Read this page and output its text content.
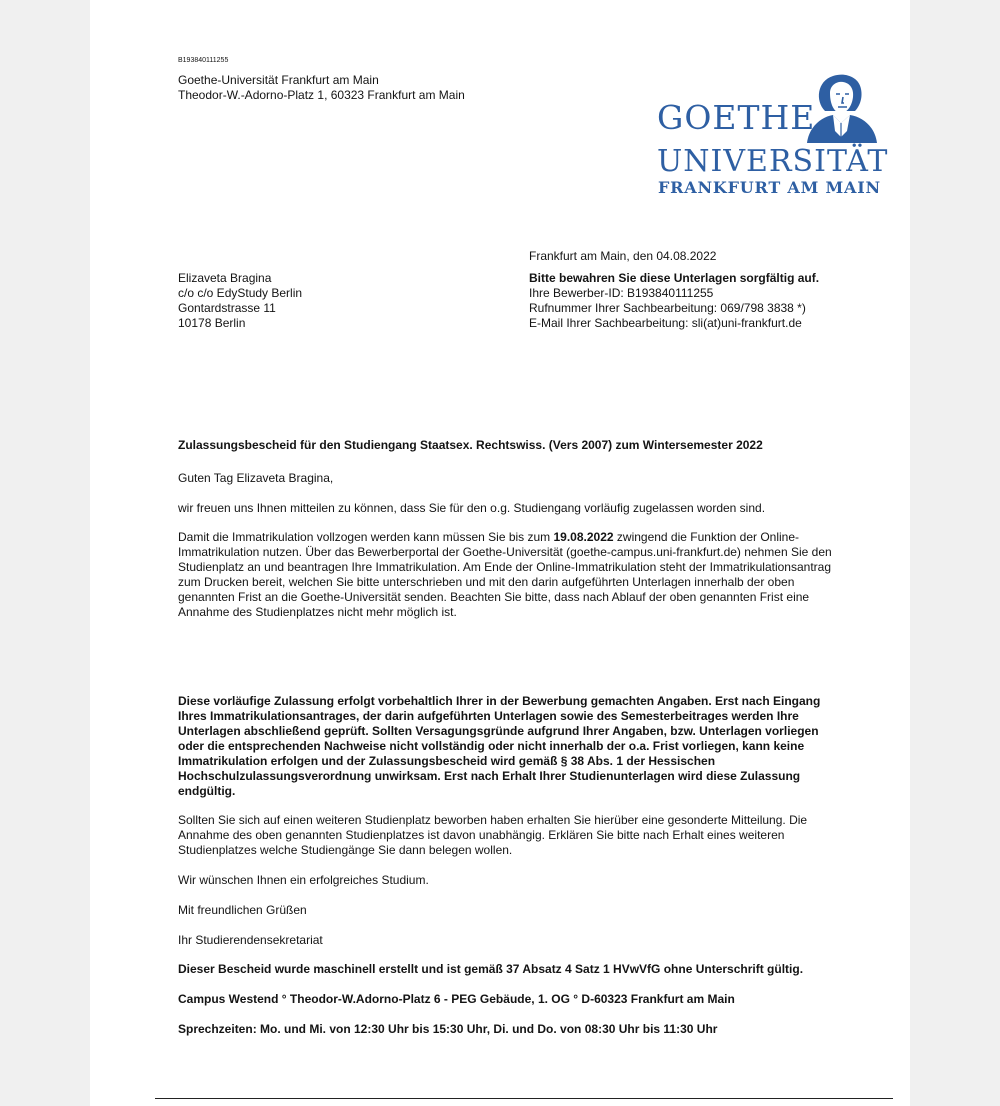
B193840111255
Goethe-Universität Frankfurt am Main
Theodor-W.-Adorno-Platz 1, 60323 Frankfurt am Main
GOETHE
UNIVERSITÄT
FRANKFURT AM MAIN
Frankfurt am Main, den 04.08.2022
Elizaveta Bragina
c/o c/o EdyStudy Berlin
Gontardstrasse 11
10178 Berlin
Bitte bewahren Sie diese Unterlagen sorgfältig auf.
Ihre Bewerber-ID: B193840111255
Rufnummer Ihrer Sachbearbeitung: 069/798 3838 *)
E-Mail Ihrer Sachbearbeitung: sli(at)uni-frankfurt.de
Zulassungsbescheid für den Studiengang Staatsex. Rechtswiss. (Vers 2007) zum Wintersemester 2022
Guten Tag Elizaveta Bragina,
wir freuen uns Ihnen mitteilen zu können, dass Sie für den o.g. Studiengang vorläufig zugelassen worden sind.
Damit die Immatrikulation vollzogen werden kann müssen Sie bis zum 19.08.2022 zwingend die Funktion der Online-
Immatrikulation nutzen. Über das Bewerberportal der Goethe-Universität (goethe-campus.uni-frankfurt.de) nehmen Sie den
Studienplatz an und beantragen Ihre Immatrikulation. Am Ende der Online-Immatrikulation steht der Immatrikulationsantrag
zum Drucken bereit, welchen Sie bitte unterschrieben und mit den darin aufgeführten Unterlagen innerhalb der oben
genannten Frist an die Goethe-Universität senden. Beachten Sie bitte, dass nach Ablauf der oben genannten Frist eine
Annahme des Studienplatzes nicht mehr möglich ist.
Diese vorläufige Zulassung erfolgt vorbehaltlich Ihrer in der Bewerbung gemachten Angaben. Erst nach Eingang
Ihres Immatrikulationsantrages, der darin aufgeführten Unterlagen sowie des Semesterbeitrages werden Ihre
Unterlagen abschließend geprüft. Sollten Versagungsgründe aufgrund Ihrer Angaben, bzw. Unterlagen vorliegen
oder die entsprechenden Nachweise nicht vollständig oder nicht innerhalb der o.a. Frist vorliegen, kann keine
Immatrikulation erfolgen und der Zulassungsbescheid wird gemäß § 38 Abs. 1 der Hessischen
Hochschulzulassungsverordnung unwirksam. Erst nach Erhalt Ihrer Studienunterlagen wird diese Zulassung
endgültig.
Sollten Sie sich auf einen weiteren Studienplatz beworben haben erhalten Sie hierüber eine gesonderte Mitteilung. Die
Annahme des oben genannten Studienplatzes ist davon unabhängig. Erklären Sie bitte nach Erhalt eines weiteren
Studienplatzes welche Studiengänge Sie dann belegen wollen.
Wir wünschen Ihnen ein erfolgreiches Studium.
Mit freundlichen Grüßen
Ihr Studierendensekretariat
Dieser Bescheid wurde maschinell erstellt und ist gemäß 37 Absatz 4 Satz 1 HVwVfG ohne Unterschrift gültig.
Campus Westend ° Theodor-W.Adorno-Platz 6 - PEG Gebäude, 1. OG ° D-60323 Frankfurt am Main
Sprechzeiten: Mo. und Mi. von 12:30 Uhr bis 15:30 Uhr, Di. und Do. von 08:30 Uhr bis 11:30 Uhr
